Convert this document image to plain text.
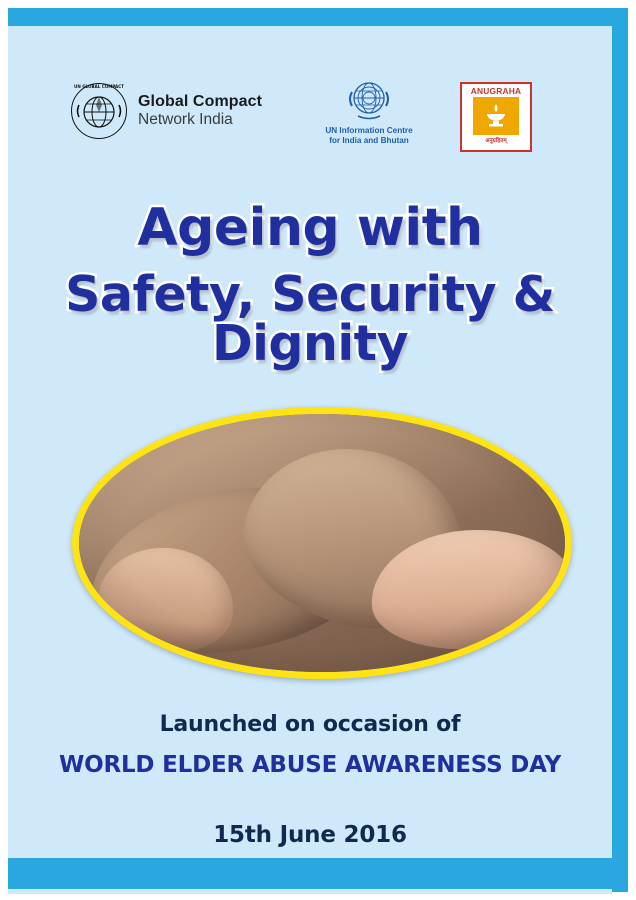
UN GLOBAL COMPACT
Global Compact
Network India
UN Information Centre
for India and Bhutan
ANUGRAHA
अनुग्रहितम्
Ageing with
Safety, Security & Dignity
Launched on occasion of
WORLD ELDER ABUSE AWARENESS DAY
15th June 2016
